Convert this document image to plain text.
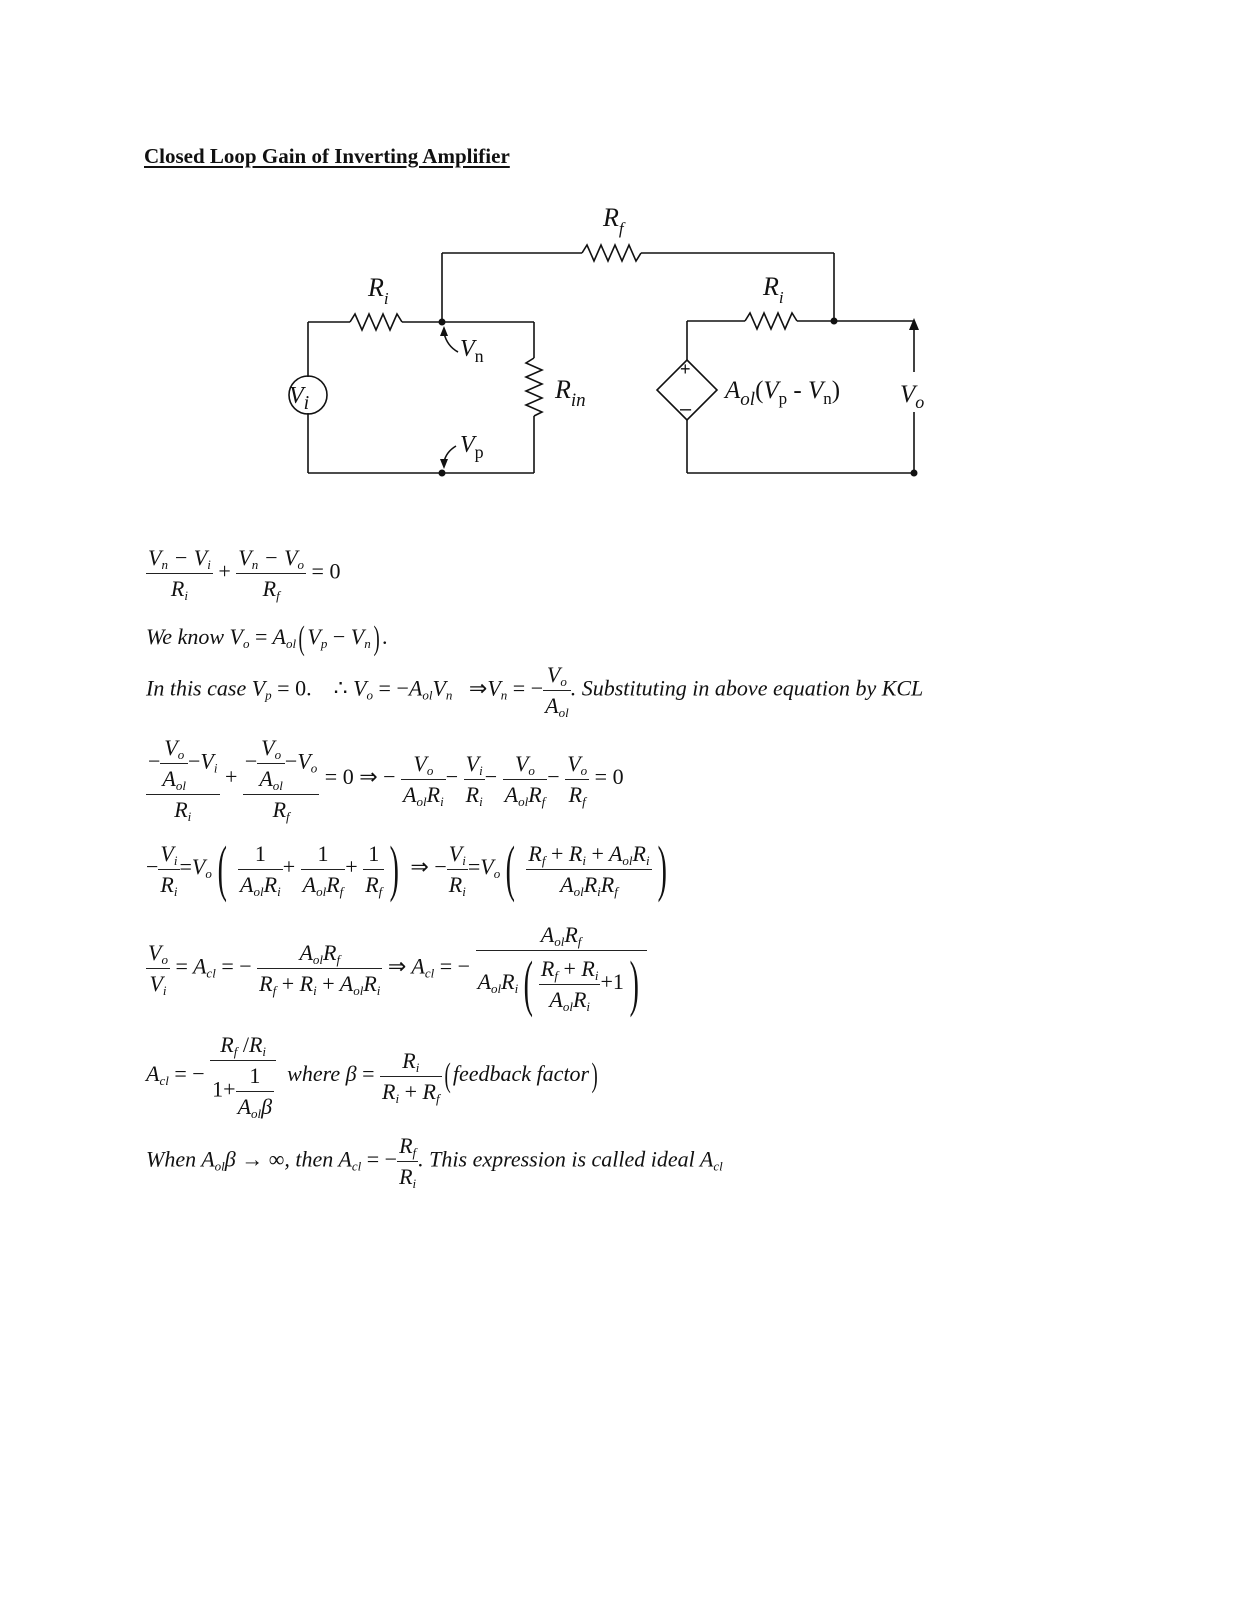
Closed Loop Gain of Inverting Amplifier
$R_f$
$R_i$	$R_i$
$V_i$
$V_n$
$V_p$
$R_{in}$	$A_{ol}(V_p - V_n)$ $V_o$
+
–
$\frac{V_n - V_i}{R_i} + \frac{V_n - V_o}{R_f} = 0$
We know $V_o = A_{ol}$( $V_p - V_n$) .
In this case $V_p = 0$. ∴ $V_o = -A_{ol}V_n$ $\Rightarrow V_n$ = − $\frac{V_o}{A_{ol}}$ . Substituting in above equation by KCL
$\frac{- \frac{V_o}{A_{ol}} -V_i}{R_i} + \frac{- \frac{V_o}{A_{ol}} -V_o}{R_f} = 0$ ⇒ − $\frac{V_o}{A_{ol}R_i} - \frac{V_i}{R_i} - \frac{V_o}{A_{ol}R_f} - \frac{V_o}{R_f} = 0$
− $\frac{V_i}{R_i} =V_o( \frac{1}{A_{ol}R_i} + \frac{1}{A_{ol}R_f} + \frac{1}{R_f}$ ) ⇒ − $\frac{V_i}{R_i} =V_o( \frac{R_f + R_i + A_{ol}R_i}{A_{ol}R_iR_f}$ )
$\frac{V_o}{V_i} = A_{cl}$ = − $\frac{A_{ol}R_f}{R_f + R_i + A_{ol}R_i}$ ⇒ $A_{cl}$ = − $\frac{A_{ol}R_f}{A_{ol}R_i( \frac{R_f + R_i}{A_{ol}R_i} +1)}$
$A_{cl}$ = − $\frac{R_f /R_i}{1+ \frac{1}{A_{ol}\beta}}$ where $\beta = \frac{R_i}{R_i + R_f}$ ( feedback factor)
When $A_{ol}\beta$ → ∞, then $A_{cl}$ = − $\frac{R_f}{R_i}$ . This expression is called ideal $A_{cl}$
